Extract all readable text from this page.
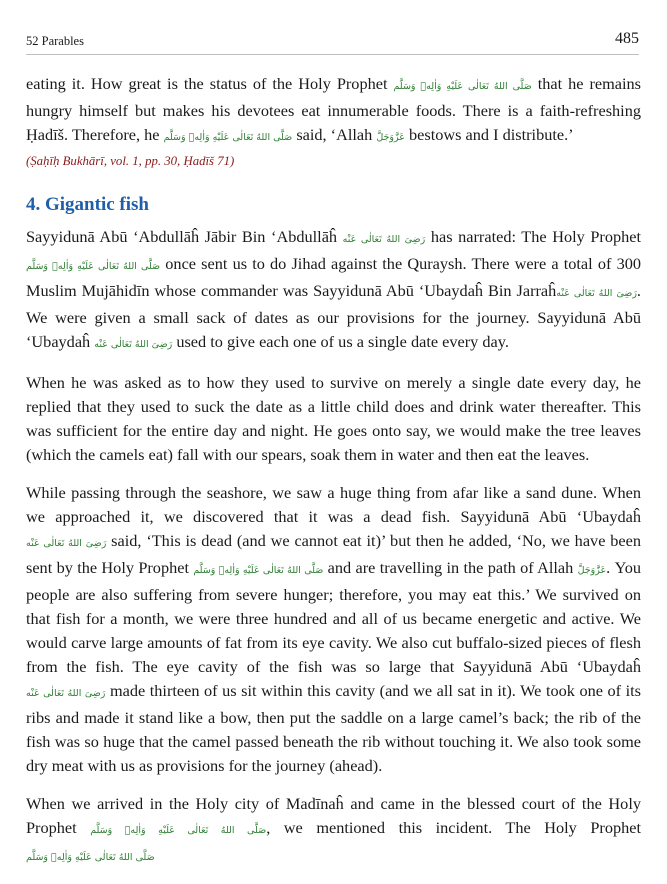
52 Parables	485

eating it. How great is the status of the Holy Prophet صَلَّى اللهُ تَعَالٰى عَلَيْهِ وَاٰلِهٖ وَسَلَّم that he remains hungry himself but makes his devotees eat innumerable foods. There is a faith-refreshing Ḥadīš. Therefore, he صَلَّى اللهُ تَعَالٰى عَلَيْهِ وَاٰلِهٖ وَسَلَّم said, ‘Allah عَزَّوَجَلَّ bestows and I distribute.’

(Ṣaḥīḥ Bukhārī, vol. 1, pp. 30, Ḥadīš 71)

4. Gigantic fish

Sayyidunā Abū ‘Abdullāĥ Jābir Bin ‘Abdullāĥ رَضِىَ اللهُ تَعَالٰى عَنْه has narrated: The Holy Prophet صَلَّى اللهُ تَعَالٰى عَلَيْهِ وَاٰلِهٖ وَسَلَّم once sent us to do Jihad against the Quraysh. There were a total of 300 Muslim Mujāhidīn whose commander was Sayyidunā Abū ‘Ubaydaĥ Bin Jarraĥرَضِىَ اللهُ تَعَالٰى عَنْه. We were given a small sack of dates as our provisions for the journey. Sayyidunā Abū ‘Ubaydaĥ رَضِىَ اللهُ تَعَالٰى عَنْه used to give each one of us a single date every day.

When he was asked as to how they used to survive on merely a single date every day, he replied that they used to suck the date as a little child does and drink water thereafter. This was sufficient for the entire day and night. He goes onto say, we would make the tree leaves (which the camels eat) fall with our spears, soak them in water and then eat the leaves.

While passing through the seashore, we saw a huge thing from afar like a sand dune. When we approached it, we discovered that it was a dead fish. Sayyidunā Abū ‘Ubaydaĥ رَضِىَ اللهُ تَعَالٰى عَنْه said, ‘This is dead (and we cannot eat it)’ but then he added, ‘No, we have been sent by the Holy Prophet صَلَّى اللهُ تَعَالٰى عَلَيْهِ وَاٰلِهٖ وَسَلَّم and are travelling in the path of Allah عَزَّوَجَلَّ. You people are also suffering from severe hunger; therefore, you may eat this.’ We survived on that fish for a month, we were three hundred and all of us became energetic and active. We would carve large amounts of fat from its eye cavity. We also cut buffalo-sized pieces of flesh from the fish. The eye cavity of the fish was so large that Sayyidunā Abū ‘Ubaydaĥ رَضِىَ اللهُ تَعَالٰى عَنْه made thirteen of us sit within this cavity (and we all sat in it). We took one of its ribs and made it stand like a bow, then put the saddle on a large camel’s back; the rib of the fish was so huge that the camel passed beneath the rib without touching it. We also took some dry meat with us as provisions for the journey (ahead).

When we arrived in the Holy city of Madīnaĥ and came in the blessed court of the Holy Prophet صَلَّى اللهُ تَعَالٰى عَلَيْهِ وَاٰلِهٖ وَسَلَّم, we mentioned this incident. The Holy Prophet صَلَّى اللهُ تَعَالٰى عَلَيْهِ وَاٰلِهٖ وَسَلَّم
